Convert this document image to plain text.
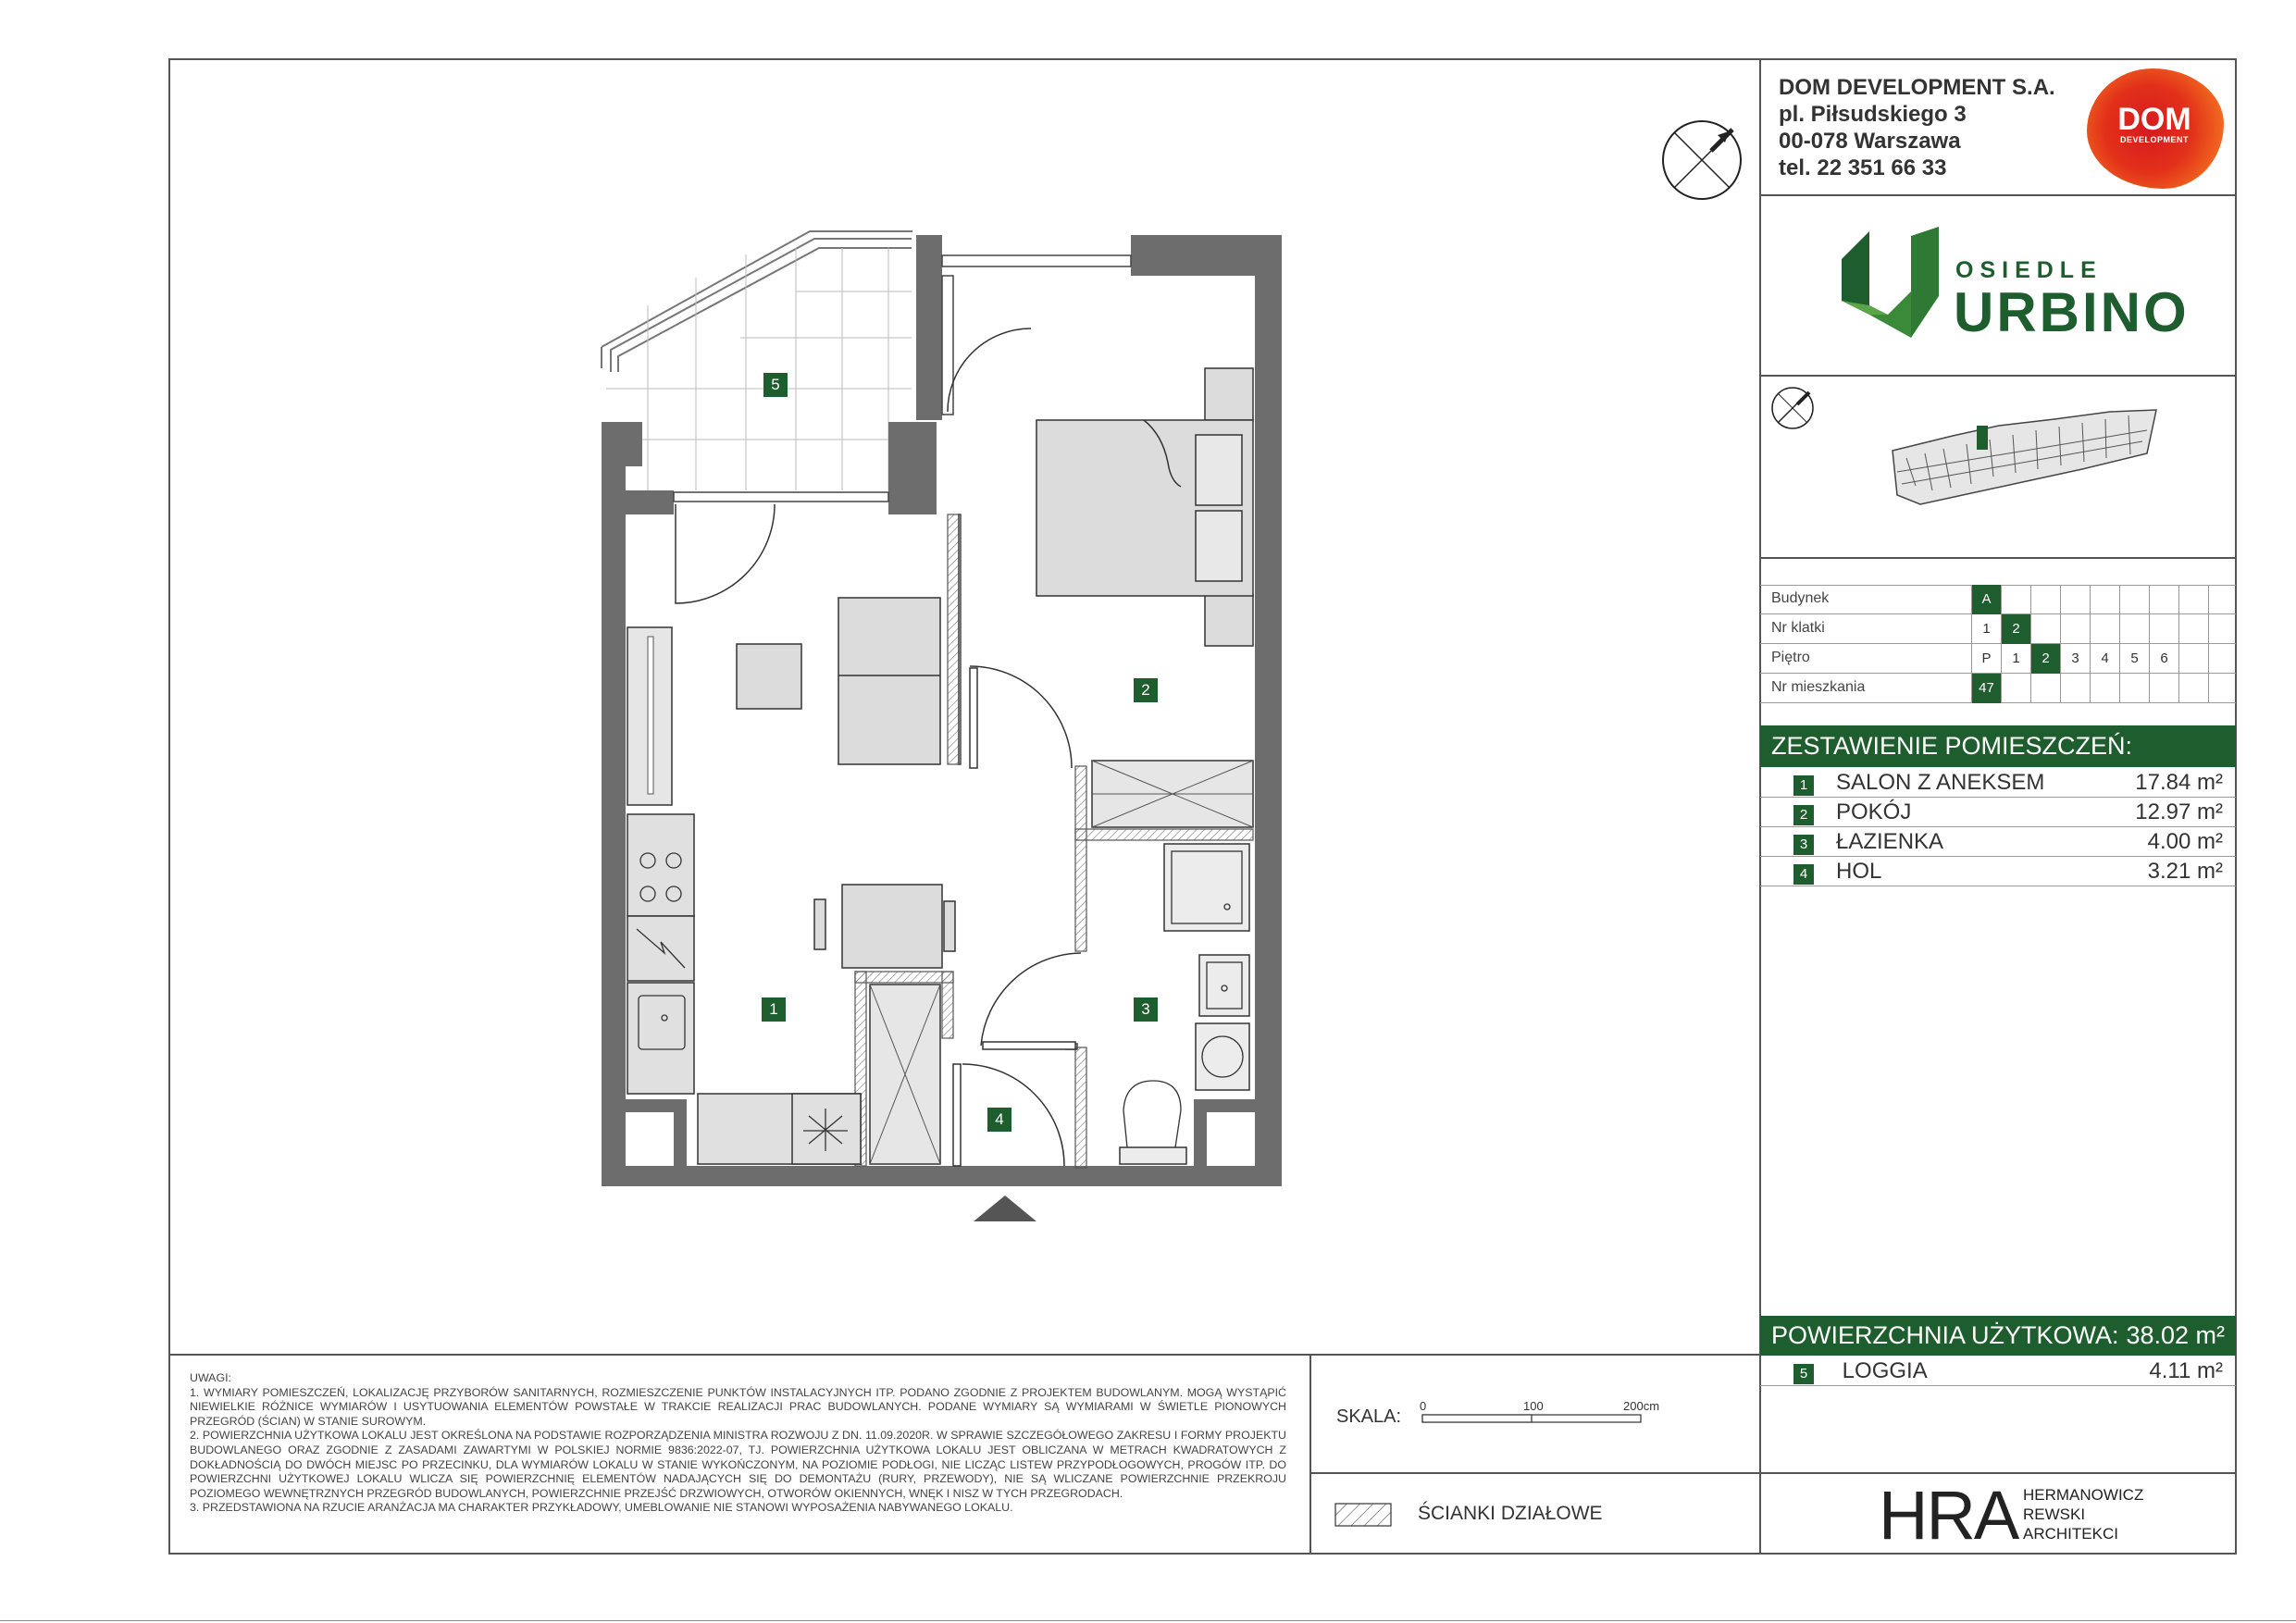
DOM DEVELOPMENT S.A.
pl. Piłsudskiego 3
00-078 Warszawa
tel. 22 351 66 33
DOM
DEVELOPMENT
OSIEDLE
URBINO
Budynek	A
Nr klatki	1	2
Piętro	P	1	2	3	4	5	6
Nr mieszkania	47
ZESTAWIENIE POMIESZCZEŃ:
1 SALON Z ANEKSEM	17.84 m²
2 POKÓJ	12.97 m²
3 ŁAZIENKA	4.00 m²
4 HOL	3.21 m²
POWIERZCHNIA UŻYTKOWA: 38.02 m²
5 LOGGIA	4.11 m²
1
2
3
4
5
UWAGI:
1. WYMIARY POMIESZCZEŃ, LOKALIZACJĘ PRZYBORÓW SANITARNYCH, ROZMIESZCZENIE PUNKTÓW INSTALACYJNYCH ITP. PODANO ZGODNIE Z PROJEKTEM BUDOWLANYM. MOGĄ WYSTĄPIĆ NIEWIELKIE RÓŻNICE WYMIARÓW I USYTUOWANIA ELEMENTÓW POWSTAŁE W TRAKCIE REALIZACJI PRAC BUDOWLANYCH. PODANE WYMIARY SĄ WYMIARAMI W ŚWIETLE PIONOWYCH PRZEGRÓD (ŚCIAN) W STANIE SUROWYM.
2. POWIERZCHNIA UŻYTKOWA LOKALU JEST OKREŚLONA NA PODSTAWIE ROZPORZĄDZENIA MINISTRA ROZWOJU Z DN. 11.09.2020R. W SPRAWIE SZCZEGÓŁOWEGO ZAKRESU I FORMY PROJEKTU BUDOWLANEGO ORAZ ZGODNIE Z ZASADAMI ZAWARTYMI W POLSKIEJ NORMIE 9836:2022-07, TJ. POWIERZCHNIA UŻYTKOWA LOKALU JEST OBLICZANA W METRACH KWADRATOWYCH Z DOKŁADNOŚCIĄ DO DWÓCH MIEJSC PO PRZECINKU, DLA WYMIARÓW LOKALU W STANIE WYKOŃCZONYM, NA POZIOMIE PODŁOGI, NIE LICZĄC LISTEW PRZYPODŁOGOWYCH, PROGÓW ITP. DO POWIERZCHNI UŻYTKOWEJ LOKALU WLICZA SIĘ POWIERZCHNIĘ ELEMENTÓW NADAJĄCYCH SIĘ DO DEMONTAŻU (RURY, PRZEWODY), NIE SĄ WLICZANE POWIERZCHNIE PRZEKROJU POZIOMEGO WEWNĘTRZNYCH PRZEGRÓD BUDOWLANYCH, POWIERZCHNIE PRZEJŚĆ DRZWIOWYCH, OTWORÓW OKIENNYCH, WNĘK I NISZ W TYCH PRZEGRODACH.
3. PRZEDSTAWIONA NA RZUCIE ARANŻACJA MA CHARAKTER PRZYKŁADOWY, UMEBLOWANIE NIE STANOWI WYPOSAŻENIA NABYWANEGO LOKALU.
SKALA:
0	100	200cm
ŚCIANKI DZIAŁOWE	HRA HERMANOWICZ
REWSKI
ARCHITEKCI
